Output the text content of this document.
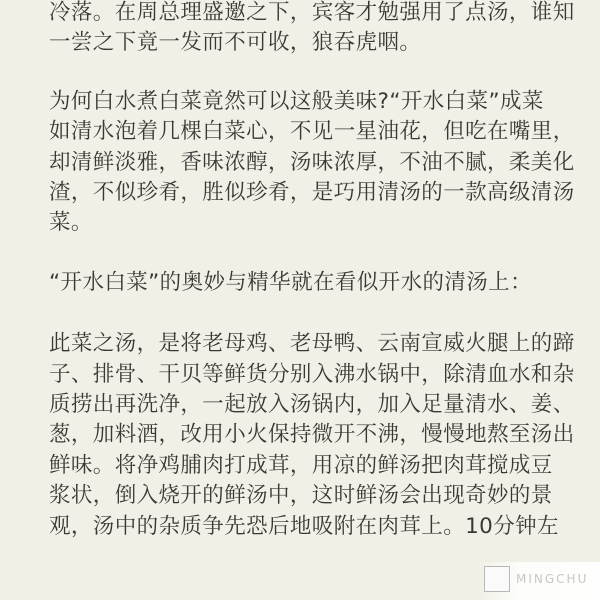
冷落。在周总理盛邀之下，宾客才勉强用了点汤，谁知
一尝之下竟一发而不可收，狼吞虎咽。

为何白水煮白菜竟然可以这般美味?“开水白菜”成菜
如清水泡着几棵白菜心，不见一星油花，但吃在嘴里，
却清鲜淡雅，香味浓醇，汤味浓厚，不油不腻，柔美化
渣，不似珍肴，胜似珍肴，是巧用清汤的一款高级清汤
菜。

“开水白菜”的奥妙与精华就在看似开水的清汤上：

此菜之汤，是将老母鸡、老母鸭、云南宣威火腿上的蹄
子、排骨、干贝等鲜货分别入沸水锅中，除清血水和杂
质捞出再洗净，一起放入汤锅内，加入足量清水、姜、
葱，加料酒，改用小火保持微开不沸，慢慢地熬至汤出
鲜味。将净鸡脯肉打成茸，用凉的鲜汤把肉茸搅成豆
浆状，倒入烧开的鲜汤中，这时鲜汤会出现奇妙的景
观，汤中的杂质争先恐后地吸附在肉茸上。10分钟左

MINGCHU
